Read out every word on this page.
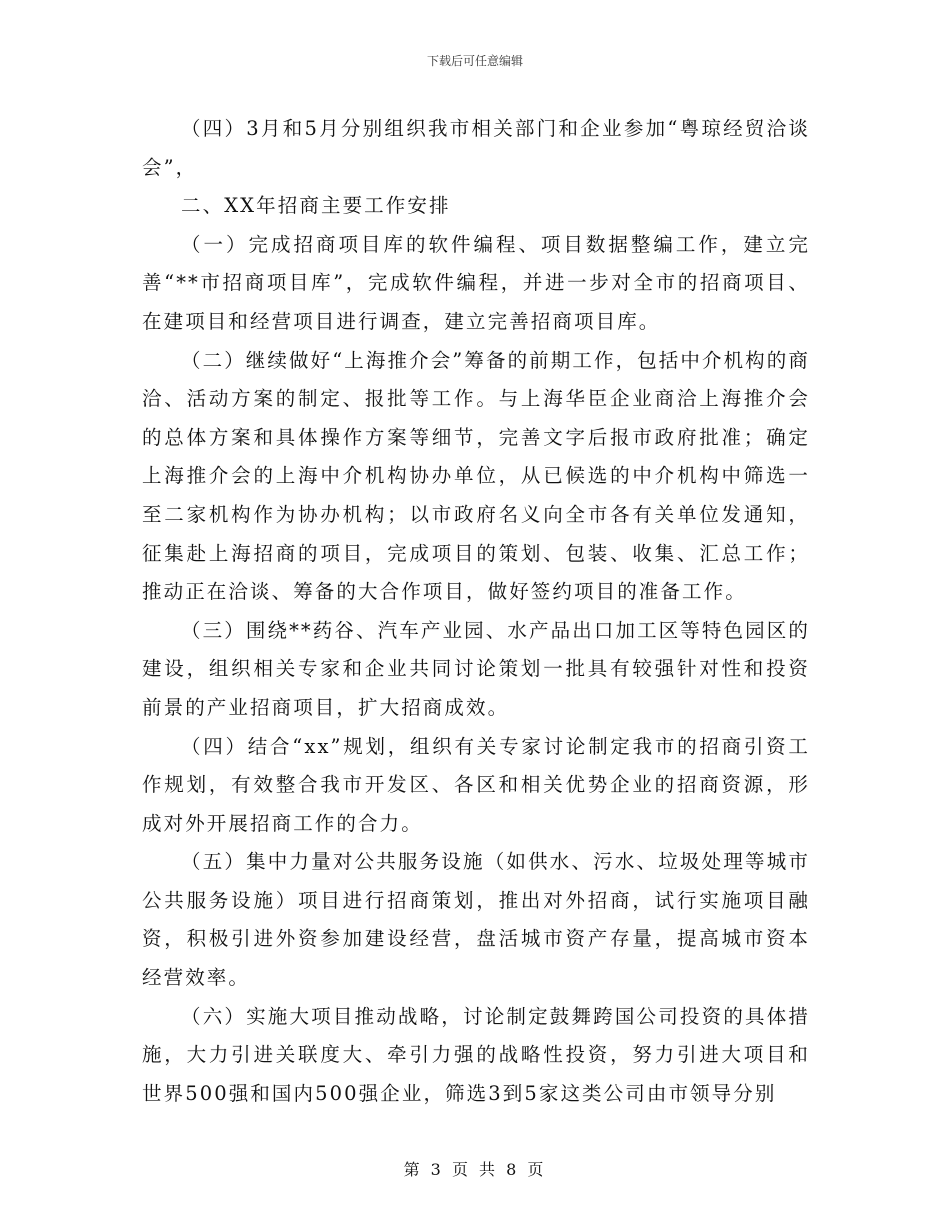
下载后可任意编辑

（四）3月和5月分别组织我市相关部门和企业参加“粤琼经贸洽谈会”，

二、XX年招商主要工作安排

（一）完成招商项目库的软件编程、项目数据整编工作，建立完善“**市招商项目库”，完成软件编程，并进一步对全市的招商项目、在建项目和经营项目进行调查，建立完善招商项目库。

（二）继续做好“上海推介会”筹备的前期工作，包括中介机构的商洽、活动方案的制定、报批等工作。与上海华臣企业商洽上海推介会的总体方案和具体操作方案等细节，完善文字后报市政府批准；确定上海推介会的上海中介机构协办单位，从已候选的中介机构中筛选一至二家机构作为协办机构；以市政府名义向全市各有关单位发通知，征集赴上海招商的项目，完成项目的策划、包装、收集、汇总工作；推动正在洽谈、筹备的大合作项目，做好签约项目的准备工作。

（三）围绕**药谷、汽车产业园、水产品出口加工区等特色园区的建设，组织相关专家和企业共同讨论策划一批具有较强针对性和投资前景的产业招商项目，扩大招商成效。

（四）结合“xx”规划，组织有关专家讨论制定我市的招商引资工作规划，有效整合我市开发区、各区和相关优势企业的招商资源，形成对外开展招商工作的合力。

（五）集中力量对公共服务设施（如供水、污水、垃圾处理等城市公共服务设施）项目进行招商策划，推出对外招商，试行实施项目融资，积极引进外资参加建设经营，盘活城市资产存量，提高城市资本经营效率。

（六）实施大项目推动战略，讨论制定鼓舞跨国公司投资的具体措施，大力引进关联度大、牵引力强的战略性投资，努力引进大项目和世界500强和国内500强企业，筛选3到5家这类公司由市领导分别

第 3 页 共 8 页
